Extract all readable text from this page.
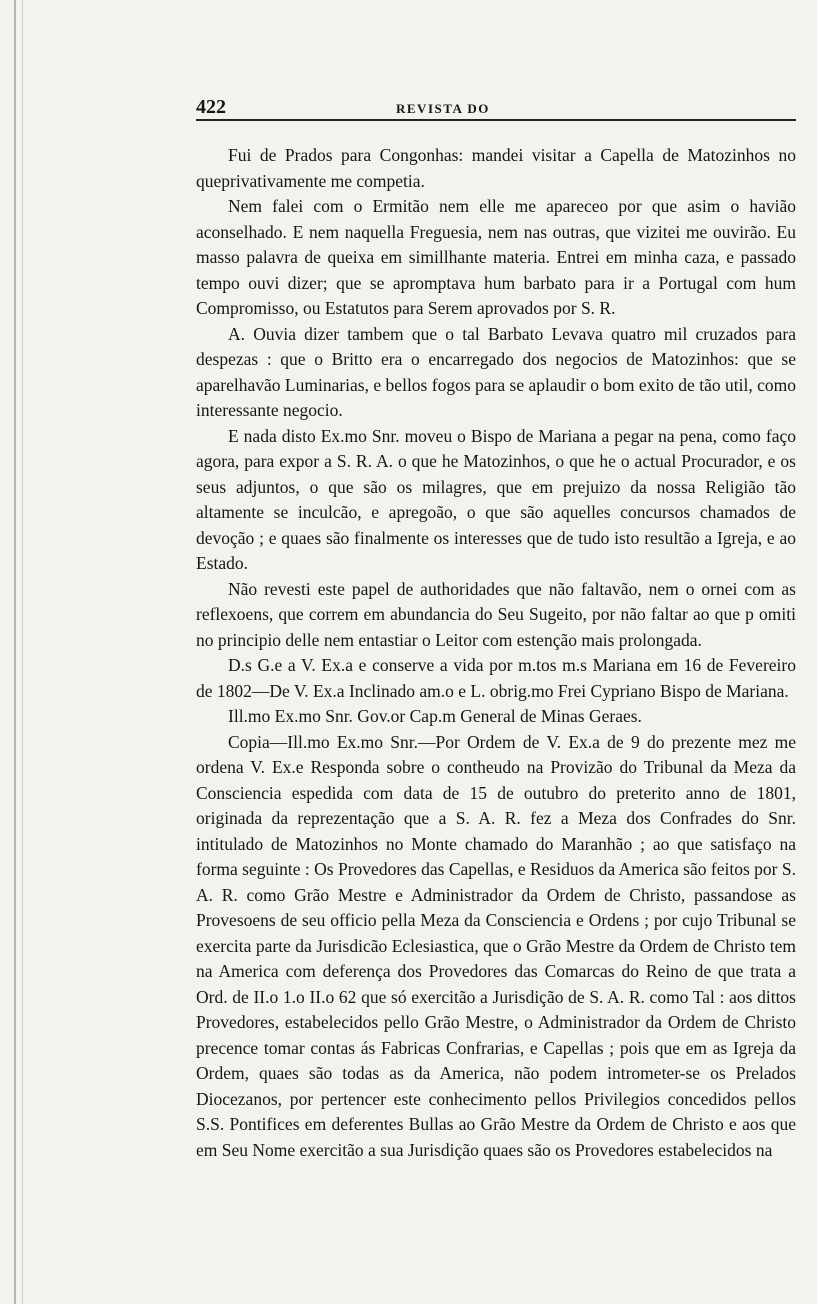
422	REVISTA DO

Fui de Prados para Congonhas: mandei visitar a Capella de Matozinhos no queprivativamente me competia.

Nem falei com o Ermitão nem elle me apareceo por que asim o havião aconselhado. E nem naquella Freguesia, nem nas outras, que vizitei me ouvirão. Eu masso palavra de queixa em simillhante materia. Entrei em minha caza, e passado tempo ouvi dizer; que se apromptava hum barbato para ir a Portugal com hum Compromisso, ou Estatutos para Serem aprovados por S. R.

A. Ouvia dizer tambem que o tal Barbato Levava quatro mil cruzados para despezas : que o Britto era o encarregado dos negocios de Matozinhos: que se aparelhavão Luminarias, e bellos fogos para se aplaudir o bom exito de tão util, como interessante negocio.

E nada disto Ex.mo Snr. moveu o Bispo de Mariana a pegar na pena, como faço agora, para expor a S. R. A. o que he Matozinhos, o que he o actual Procurador, e os seus adjuntos, o que são os milagres, que em prejuizo da nossa Religião tão altamente se inculcão, e apregoão, o que são aquelles concursos chamados de devoção ; e quaes são finalmente os interesses que de tudo isto resultão a Igreja, e ao Estado.

Não revesti este papel de authoridades que não faltavão, nem o ornei com as reflexoens, que correm em abundancia do Seu Sugeito, por não faltar ao que p omiti no principio delle nem entastiar o Leitor com estenção mais prolongada.

D.s G.e a V. Ex.a e conserve a vida por m.tos m.s Mariana em 16 de Fevereiro de 1802—De V. Ex.a Inclinado am.o e L. obrig.mo Frei Cypriano Bispo de Mariana.

Ill.mo Ex.mo Snr. Gov.or Cap.m General de Minas Geraes.

Copia—Ill.mo Ex.mo Snr.—Por Ordem de V. Ex.a de 9 do prezente mez me ordena V. Ex.e Responda sobre o contheudo na Provizão do Tribunal da Meza da Consciencia espedida com data de 15 de outubro do preterito anno de 1801, originada da reprezentação que a S. A. R. fez a Meza dos Confrades do Snr. intitulado de Matozinhos no Monte chamado do Maranhão ; ao que satisfaço na forma seguinte : Os Provedores das Capellas, e Residuos da America são feitos por S. A. R. como Grão Mestre e Administrador da Ordem de Christo, passandose as Provesoens de seu officio pella Meza da Consciencia e Ordens ; por cujo Tribunal se exercita parte da Jurisdicão Eclesiastica, que o Grão Mestre da Ordem de Christo tem na America com deferença dos Provedores das Comarcas do Reino de que trata a Ord. de II.o 1.o II.o 62 que só exercitão a Jurisdição de S. A. R. como Tal : aos dittos Provedores, estabelecidos pello Grão Mestre, o Administrador da Ordem de Christo precence tomar contas ás Fabricas Confrarias, e Capellas ; pois que em as Igreja da Ordem, quaes são todas as da America, não podem intrometer-se os Prelados Diocezanos, por pertencer este conhecimento pellos Privilegios concedidos pellos S.S. Pontifices em deferentes Bullas ao Grão Mestre da Ordem de Christo e aos que em Seu Nome exercitão a sua Jurisdição quaes são os Provedores estabelecidos na
